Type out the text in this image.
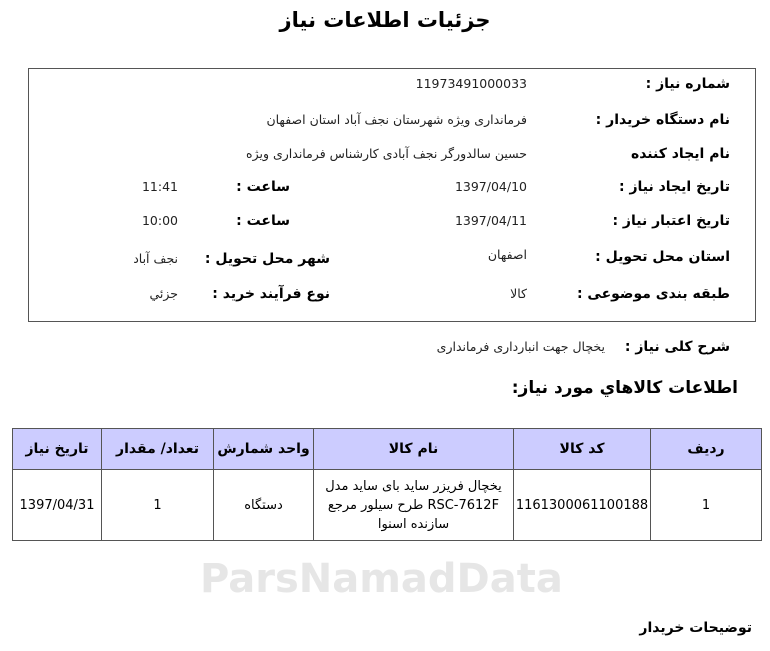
جزئیات اطلاعات نیاز
ParsNamadData
شماره نیاز :
11973491000033
نام دستگاه خریدار :
فرمانداری ویژه شهرستان نجف آباد استان اصفهان
نام ایجاد کننده
حسین سالدورگر نجف آبادی کارشناس فرمانداری ویژه
تاریخ ایجاد نیاز :
1397/04/10
ساعت :
11:41
تاریخ اعتبار نیاز :
1397/04/11
ساعت :
10:00
استان محل تحویل :
اصفهان
شهر محل تحویل :
نجف آباد
طبقه بندی موضوعی :
کالا
نوع فرآیند خرید :
جزئي
شرح کلی نیاز :
یخچال جهت انبارداری فرمانداری
اطلاعات کالاهاي مورد نیاز:
ردیف	کد کالا	نام کالا	واحد شمارش	تعداد/ مقدار	تاریخ نیاز
1	1161300061100188	یخچال فریزر ساید بای ساید مدل RSC-7612F طرح سیلور مرجع سازنده اسنوا	دستگاه	1	1397/04/31
توضیحات خریدار
